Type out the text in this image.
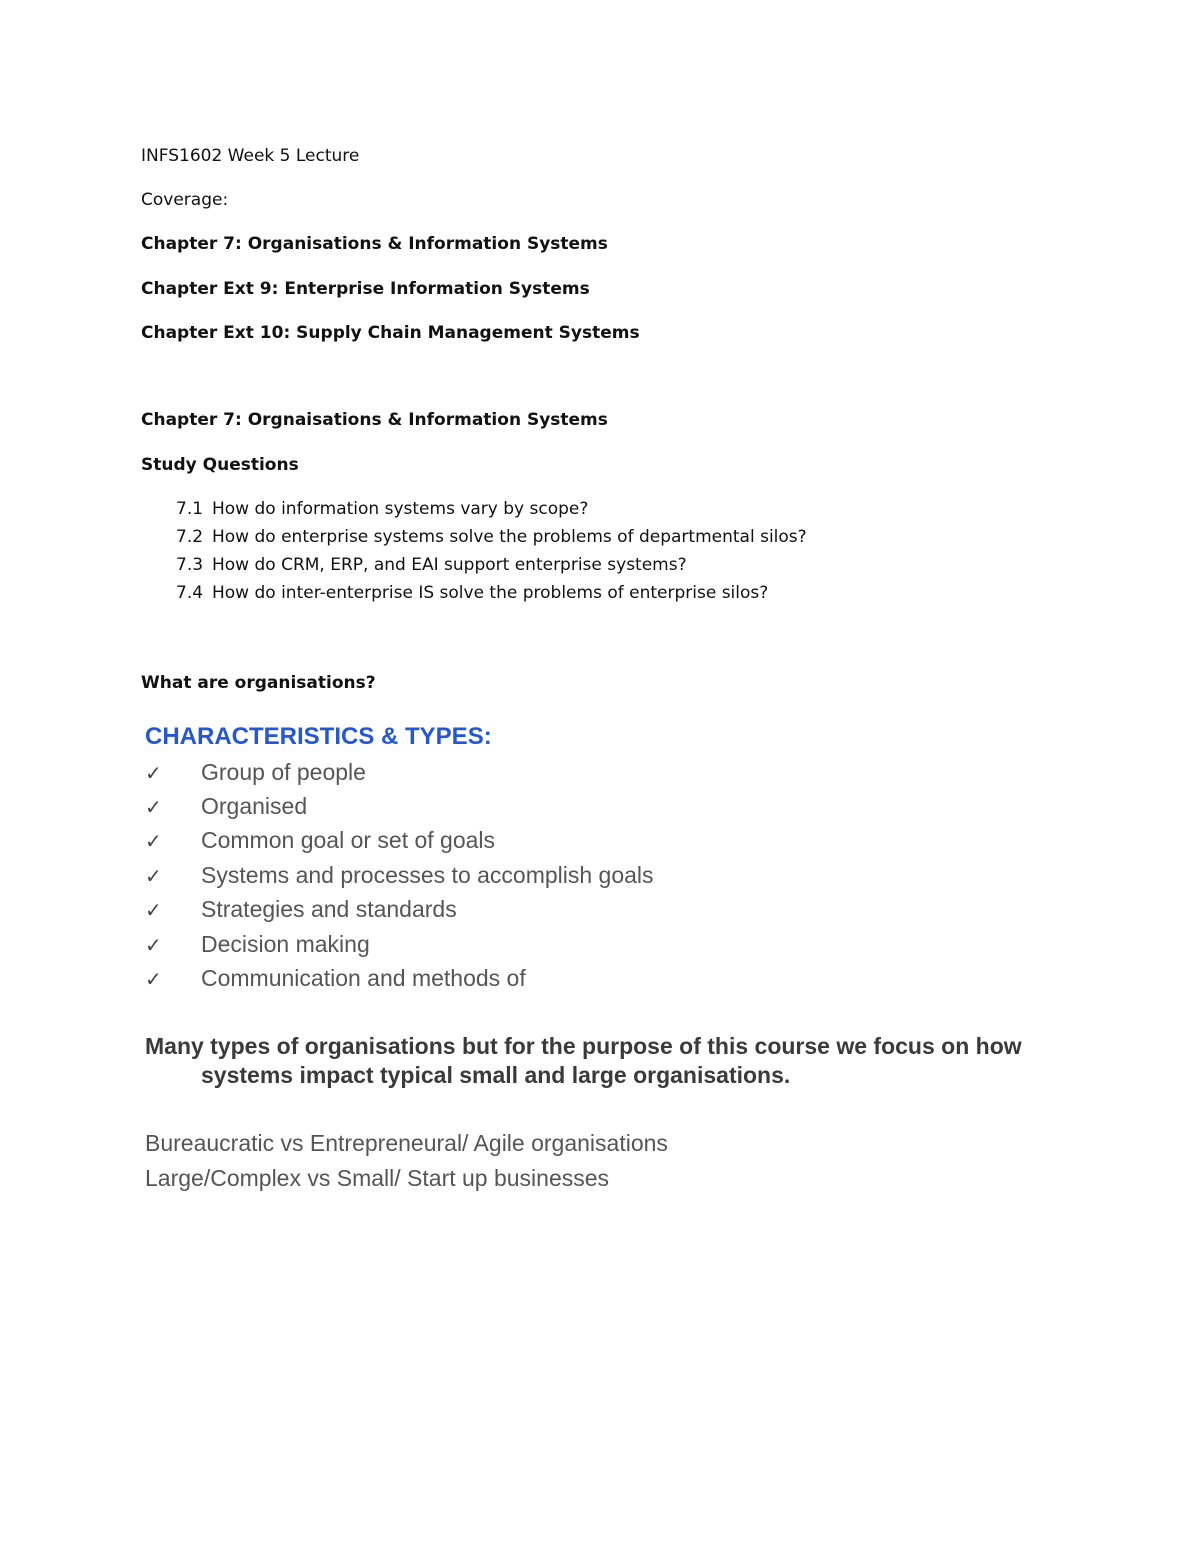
INFS1602 Week 5 Lecture
Coverage:
Chapter 7: Organisations & Information Systems
Chapter Ext 9: Enterprise Information Systems
Chapter Ext 10: Supply Chain Management Systems
Chapter 7: Orgnaisations & Information Systems
Study Questions
7.1 How do information systems vary by scope?
7.2 How do enterprise systems solve the problems of departmental silos?
7.3 How do CRM, ERP, and EAI support enterprise systems?
7.4 How do inter-enterprise IS solve the problems of enterprise silos?
What are organisations?
CHARACTERISTICS & TYPES:
✓ Group of people
✓ Organised
✓ Common goal or set of goals
✓ Systems and processes to accomplish goals
✓ Strategies and standards
✓ Decision making
✓ Communication and methods of
Many types of organisations but for the purpose of this course we focus on how
systems impact typical small and large organisations.
Bureaucratic vs Entrepreneural/ Agile organisations
Large/Complex vs Small/ Start up businesses
